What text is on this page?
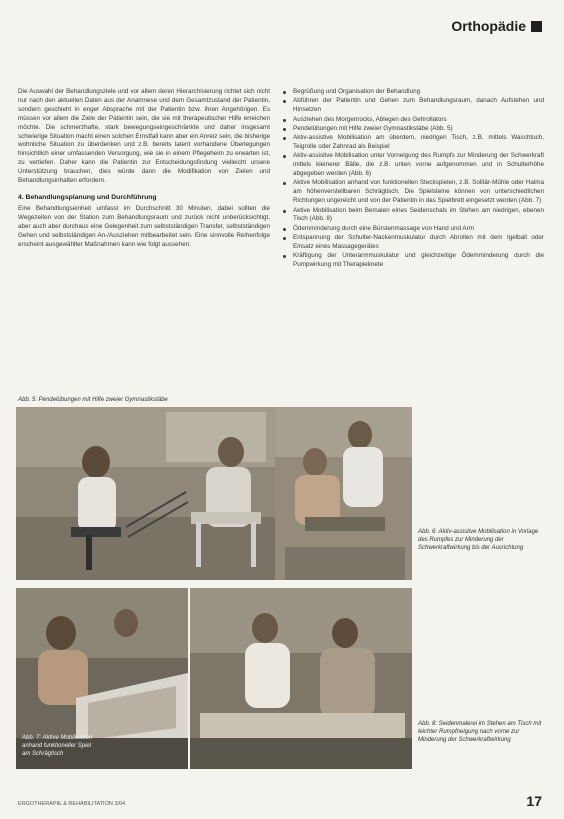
Orthopädie

Die Auswahl der Behandlungsziele und vor allem deren Hierarchisierung richtet sich nicht nur nach den aktuellen Daten aus der Anamnese und dem Gesamtzustand der Patientin, sondern geschieht in enger Absprache mit der Patientin bzw. ihren Angehörigen. Es müssen vor allem die Ziele der Patientin sein, die sie mit therapeutischer Hilfe erreichen möchte. Die schmerzhafte, stark bewegungseingeschränkte und daher insgesamt schwierige Situation macht einen solchen Ernstfall kann aber ein Anreiz sein, die bisherige wohnliche Situation zu überdenken und z.B. bereits latent vorhandene Überlegungen hinsichtlich einer umfassenden Versorgung, wie sie in einem Pflegeheim zu erwarten ist, zu vertiefen. Daher kann die Patientin zur Entscheidungsfindung vielleicht unsere Unterstützung brauchen, dies würde dann die Modifikation von Zielen und Behandlungsinhalten erfordern.

4. Behandlungsplanung und Durchführung

Eine Behandlungseinheit umfasst im Durchschnitt 30 Minuten, dabei sollten die Wegezeiten von der Station zum Behandlungsraum und zurück nicht unberücksichtigt, aber auch aber durchaus eine Gelegenheit zum selbstständigen Transfer, selbstständigen Gehen und selbstständigen An-/Ausziehen mitbearbeitet sein. Eine sinnvolle Reihenfolge erscheint ausgewählter Maßnahmen kann wie folgt aussehen:

Begrüßung und Organisation der Behandlung
Abführen der Patientin und Gehen zum Behandlungsraum, danach Aufstehen und Hinsetzen
Ausziehen des Morgenrocks, Ablegen des Gehrollators
Pendelübungen mit Hilfe zweier Gymnastikstäbe (Abb. 5)
Aktiv-assistive Mobilisation am überdem, niedrigen Tisch, z.B. mittels Waschtuch, Teigrolle oder Zahnrad als Beispiel
Aktiv-assistive Mobilisation unter Vorneigung des Rumpfs zur Minderung der Schwerkraft mittels kleinerer Bälle, die z.B. unten vorne aufgenommen und in Schulterhöhe abgegeben werden (Abb. 6)
Aktive Mobilisation anhand von funktionellen Steckspielen, z.B. Solitär-Mühle oder Halma am höhenverstellbaren Schrägtisch. Die Spielsteine können von unterschiedlichen Richtungen ungereicht und von der Patientin in das Spielbrett eingesetzt werden (Abb. 7)
Aktive Mobilisation beim Bemalen eines Seidenschals im Stehen am niedrigen, ebenen Tisch (Abb. 8)
Ödemminderung durch eine Bürstenmassage von Hand und Arm
Entspannung der Schulter-Nackenmuskulatur durch Abrollen mit dem Igelball oder Einsatz eines Massagegerätes
Kräftigung der Unterarmmuskulatur und gleichzeitige Ödemminderung durch die Pumpwirkung mit Therapieknete
Abb. 5: Pendelübungen mit Hilfe zweier Gymnastikstäbe
Abb. 6: Aktiv-assistive Mobilisation in Vorlage des Rumpfes zur Minderung der Schwerkraftwirkung bis der Ausrichtung
Abb. 7: Aktive Mobilisation anhand funktioneller Spiel am Schrägtisch
Abb. 8: Seidenmalerei im Stehen am Tisch mit leichter Rumpfneigung nach vorne zur Minderung der Schwerkraftwirkung
ERGOTHERAPIE & REHABILITATION 3/04	17
